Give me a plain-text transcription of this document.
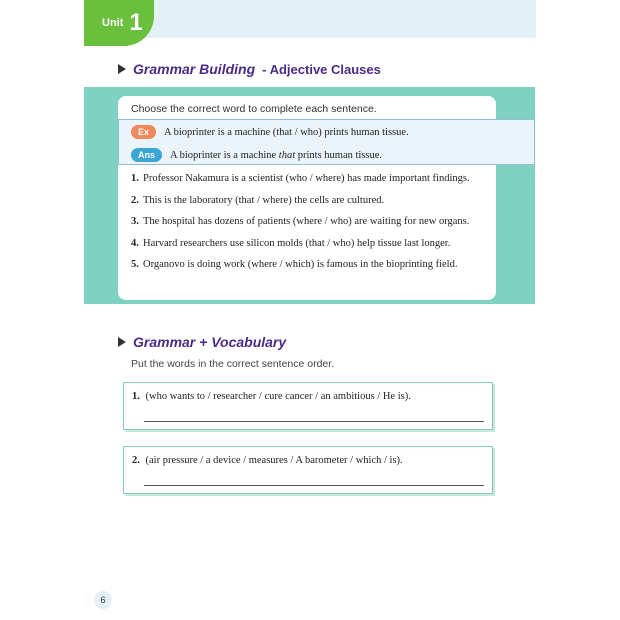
Unit 1
Grammar Building - Adjective Clauses
Choose the correct word to complete each sentence.
Ex	A bioprinter is a machine (that / who) prints human tissue.
Ans	A bioprinter is a machine that prints human tissue.
1. Professor Nakamura is a scientist (who / where) has made important findings.
2. This is the laboratory (that / where) the cells are cultured.
3. The hospital has dozens of patients (where / who) are waiting for new organs.
4. Harvard researchers use silicon molds (that / who) help tissue last longer.
5. Organovo is doing work (where / which) is famous in the bioprinting field.
Grammar + Vocabulary
Put the words in the correct sentence order.
1. (who wants to / researcher / cure cancer / an ambitious / He is).
2. (air pressure / a device / measures / A barometer / which / is).
6
